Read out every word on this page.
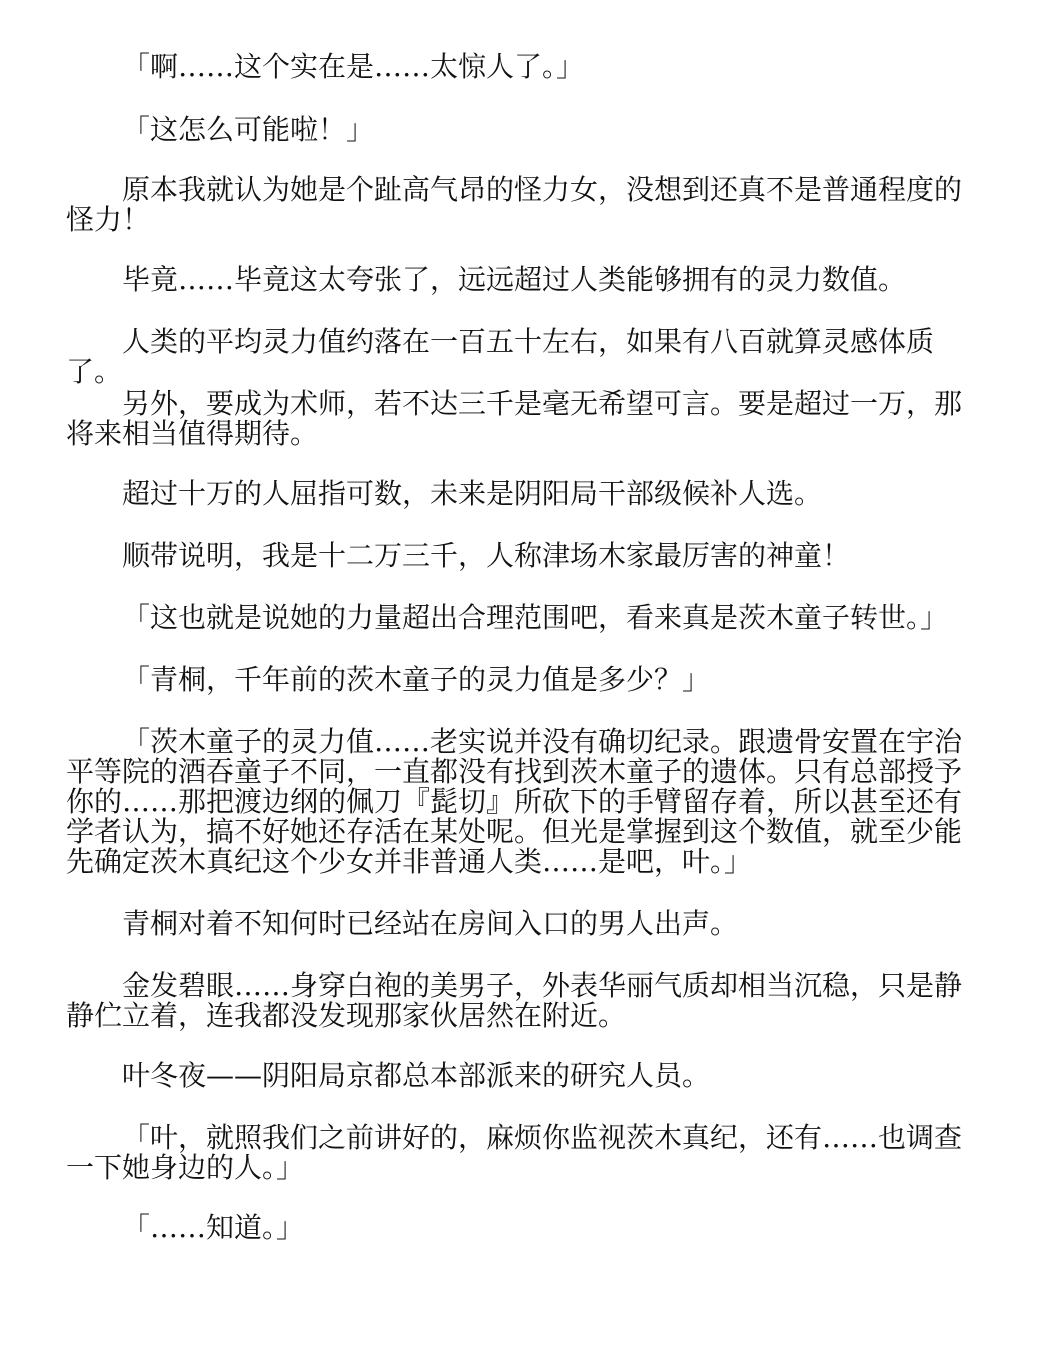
「啊……这个实在是……太惊人了。」

「这怎么可能啦！」

原本我就认为她是个趾高气昂的怪力女，没想到还真不是普通程度的怪力！

毕竟……毕竟这太夸张了，远远超过人类能够拥有的灵力数值。

人类的平均灵力值约落在一百五十左右，如果有八百就算灵感体质了。

另外，要成为术师，若不达三千是毫无希望可言。要是超过一万，那将来相当值得期待。

超过十万的人屈指可数，未来是阴阳局干部级候补人选。

顺带说明，我是十二万三千，人称津场木家最厉害的神童！

「这也就是说她的力量超出合理范围吧，看来真是茨木童子转世。」

「青桐，千年前的茨木童子的灵力值是多少？」

「茨木童子的灵力值……老实说并没有确切纪录。跟遗骨安置在宇治平等院的酒吞童子不同，一直都没有找到茨木童子的遗体。只有总部授予你的……那把渡边纲的佩刀『髭切』所砍下的手臂留存着，所以甚至还有学者认为，搞不好她还存活在某处呢。但光是掌握到这个数值，就至少能先确定茨木真纪这个少女并非普通人类……是吧，叶。」

青桐对着不知何时已经站在房间入口的男人出声。

金发碧眼……身穿白袍的美男子，外表华丽气质却相当沉稳，只是静静伫立着，连我都没发现那家伙居然在附近。

叶冬夜——阴阳局京都总本部派来的研究人员。

「叶，就照我们之前讲好的，麻烦你监视茨木真纪，还有……也调查一下她身边的人。」

「……知道。」
